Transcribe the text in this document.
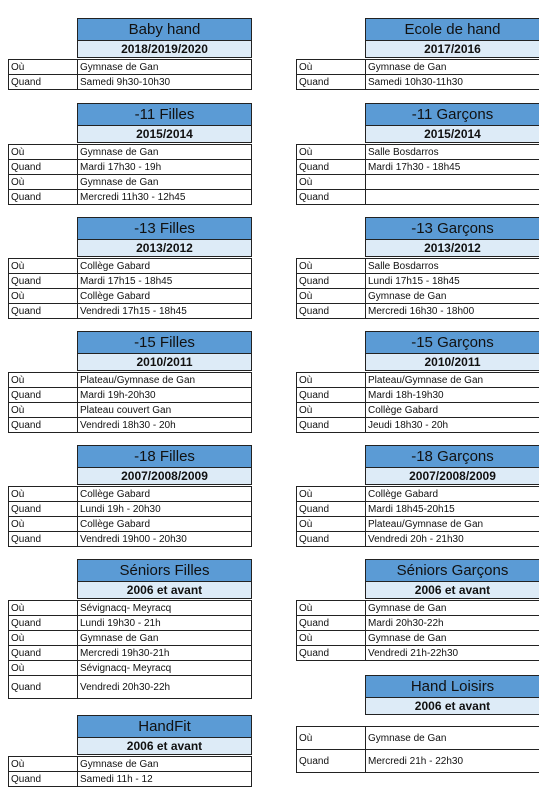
Baby hand
2018/2019/2020
Où	Gymnase de Gan
Quand	Samedi 9h30-10h30
Ecole de hand
2017/2016
Où	Gymnase de Gan
Quand	Samedi 10h30-11h30
-11 Filles
2015/2014
Où	Gymnase de Gan
Quand	Mardi 17h30 - 19h
Où	Gymnase de Gan
Quand	Mercredi 11h30 - 12h45
-11 Garçons
2015/2014
Où	Salle Bosdarros
Quand	Mardi 17h30 - 18h45
Où	
Quand	
-13 Filles
2013/2012
Où	Collège Gabard
Quand	Mardi 17h15 - 18h45
Où	Collège Gabard
Quand	Vendredi 17h15 - 18h45
-13 Garçons
2013/2012
Où	Salle Bosdarros
Quand	Lundi 17h15 - 18h45
Où	Gymnase de Gan
Quand	Mercredi 16h30 - 18h00
-15 Filles
2010/2011
Où	Plateau/Gymnase de Gan
Quand	Mardi 19h-20h30
Où	Plateau couvert Gan
Quand	Vendredi 18h30 - 20h
-15 Garçons
2010/2011
Où	Plateau/Gymnase de Gan
Quand	Mardi 18h-19h30
Où	Collège Gabard
Quand	Jeudi 18h30 - 20h
-18 Filles
2007/2008/2009
Où	Collège Gabard
Quand	Lundi 19h - 20h30
Où	Collège Gabard
Quand	Vendredi 19h00 - 20h30
-18 Garçons
2007/2008/2009
Où	Collège Gabard
Quand	Mardi 18h45-20h15
Où	Plateau/Gymnase de Gan
Quand	Vendredi 20h - 21h30
Séniors Filles
2006 et avant
Où	Sévignacq- Meyracq
Quand	Lundi 19h30 - 21h
Où	Gymnase de Gan
Quand	Mercredi 19h30-21h
Où	Sévignacq- Meyracq
Quand	Vendredi 20h30-22h
Séniors Garçons
2006 et avant
Où	Gymnase de Gan
Quand	Mardi 20h30-22h
Où	Gymnase de Gan
Quand	Vendredi 21h-22h30
Hand Loisirs
2006 et avant
Où	Gymnase de Gan
Quand	Mercredi 21h - 22h30
HandFit
2006 et avant
Où	Gymnase de Gan
Quand	Samedi 11h - 12
